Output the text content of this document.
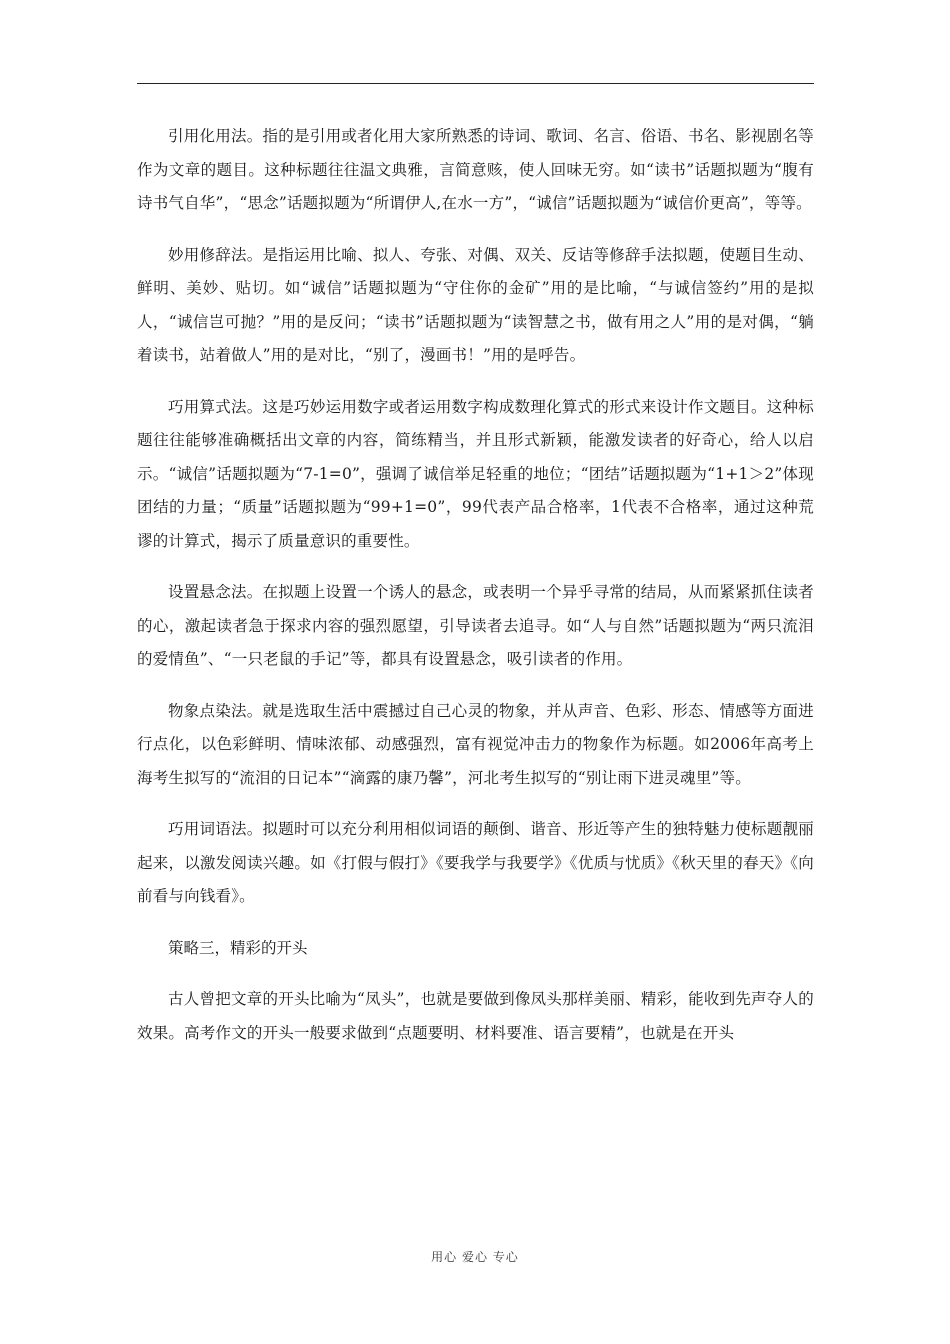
引用化用法。指的是引用或者化用大家所熟悉的诗词、歌词、名言、俗语、书名、影视剧名等作为文章的题目。这种标题往往温文典雅，言简意赅，使人回味无穷。如“读书”话题拟题为“腹有诗书气自华”，“思念”话题拟题为“所谓伊人,在水一方”，“诚信”话题拟题为“诚信价更高”，等等。

妙用修辞法。是指运用比喻、拟人、夸张、对偶、双关、反诘等修辞手法拟题，使题目生动、鲜明、美妙、贴切。如“诚信”话题拟题为“守住你的金矿”用的是比喻，“与诚信签约”用的是拟人，“诚信岂可抛？”用的是反问；“读书”话题拟题为“读智慧之书，做有用之人”用的是对偶，“躺着读书，站着做人”用的是对比，“别了，漫画书！”用的是呼告。

巧用算式法。这是巧妙运用数字或者运用数字构成数理化算式的形式来设计作文题目。这种标题往往能够准确概括出文章的内容，简练精当，并且形式新颖，能激发读者的好奇心，给人以启示。“诚信”话题拟题为“7-1=0”，强调了诚信举足轻重的地位；“团结”话题拟题为“1+1＞2”体现团结的力量；“质量”话题拟题为“99+1=0”，99代表产品合格率，1代表不合格率，通过这种荒谬的计算式，揭示了质量意识的重要性。

设置悬念法。在拟题上设置一个诱人的悬念，或表明一个异乎寻常的结局，从而紧紧抓住读者的心，激起读者急于探求内容的强烈愿望，引导读者去追寻。如“人与自然”话题拟题为“两只流泪的爱情鱼”、“一只老鼠的手记”等，都具有设置悬念，吸引读者的作用。

物象点染法。就是选取生活中震撼过自己心灵的物象，并从声音、色彩、形态、情感等方面进行点化，以色彩鲜明、情味浓郁、动感强烈，富有视觉冲击力的物象作为标题。如2006年高考上海考生拟写的“流泪的日记本”“滴露的康乃馨”，河北考生拟写的“别让雨下进灵魂里”等。

巧用词语法。拟题时可以充分利用相似词语的颠倒、谐音、形近等产生的独特魅力使标题靓丽起来，以激发阅读兴趣。如《打假与假打》《要我学与我要学》《优质与忧质》《秋天里的春天》《向前看与向钱看》。

策略三，精彩的开头

古人曾把文章的开头比喻为“凤头”，也就是要做到像凤头那样美丽、精彩，能收到先声夺人的效果。高考作文的开头一般要求做到“点题要明、材料要准、语言要精”，也就是在开头

用心 爱心 专心
